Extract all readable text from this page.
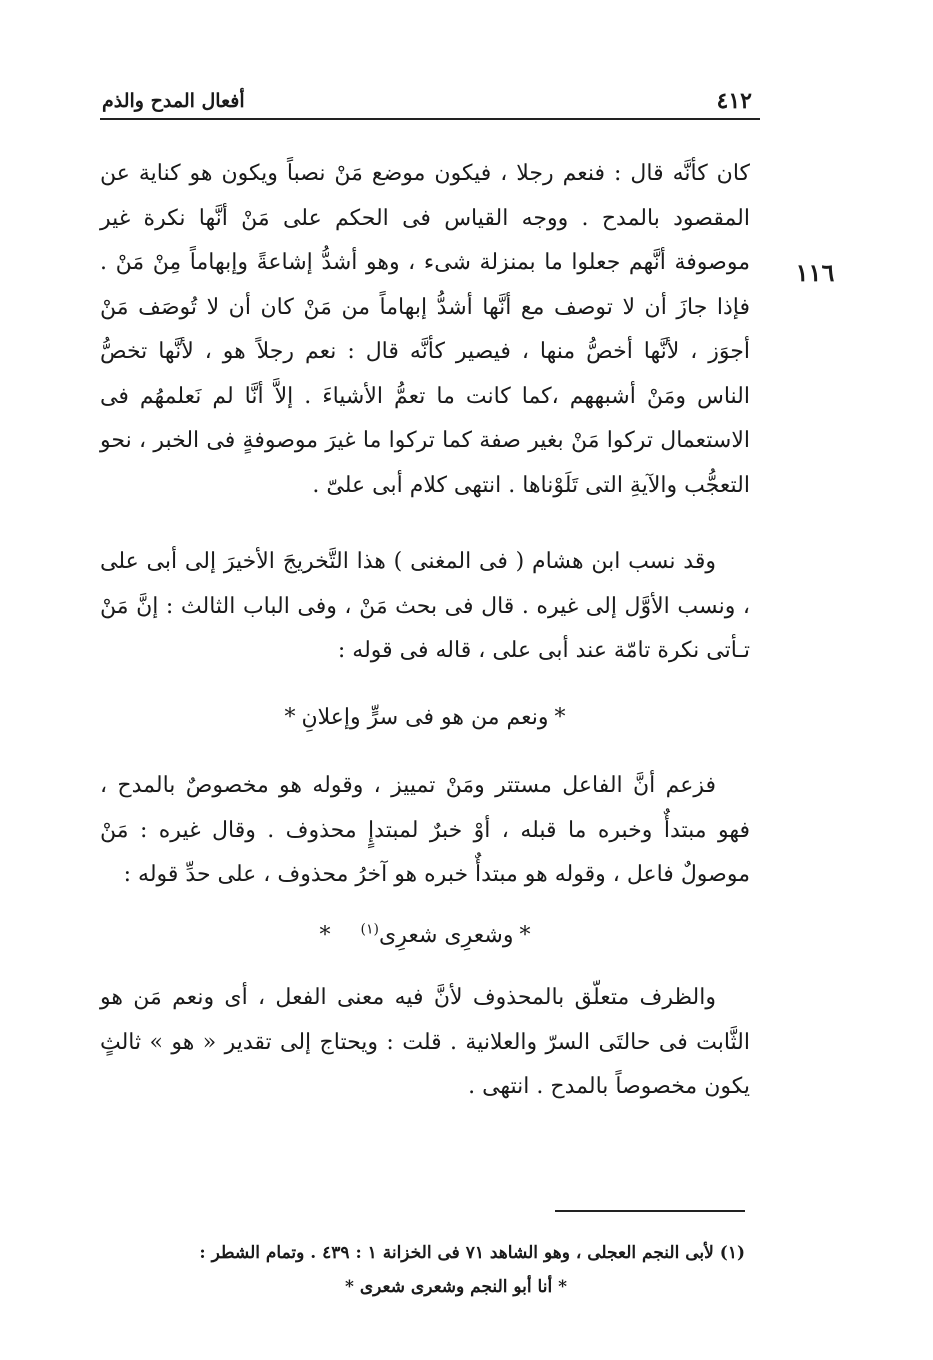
٤١٢
أفعال المدح والذم
١١٦

كان كأنَّه قال : فنعم رجلا ، فيكون موضع مَنْ نصباً ويكون هو كناية عن المقصود بالمدح . ووجه القياس فى الحكم على مَنْ أنَّها نكرة غير موصوفة أنَّهم جعلوا ما بمنزلة شىء ، وهو أشدُّ إشاعةً وإبهاماً مِنْ مَنْ . فإذا جازَ أن لا توصف مع أنَّها أشدُّ إبهاماً من مَنْ كان أن لا تُوصَف مَنْ أجوَز ، لأنَّها أخصُّ منها ، فيصير كأنَّه قال : نعم رجلاً هو ، لأنَّها تخصُّ الناس ومَنْ أشبههم ،كما كانت ما تعمُّ الأشياءَ . إلاَّ أنَّا لم نَعلمهُم فى الاستعمال تركوا مَنْ بغير صفة كما تركوا ما غيرَ موصوفةٍ فى الخبر ، نحو التعجُّب والآيةِ التى تَلَوْناها . انتهى كلام أبى علىّ .

وقد نسب ابن هشام ( فى المغنى ) هذا التَّخريجَ الأخيرَ إلى أبى على ، ونسب الأوَّل إلى غيره . قال فى بحث مَنْ ، وفى الباب الثالث : إنَّ مَنْ تـأتى نكرة تامّة عند أبى على ، قاله فى قوله :

*ونعم من هو فى سرٍّ وإعلانِ*

فزعم أنَّ الفاعل مستتر ومَنْ تمييز ، وقوله هو مخصوصٌ بالمدح ، فهو مبتدأٌ وخبره ما قبله ، أوْ خبرٌ لمبتدإٍ محذوف . وقال غيره : مَنْ موصولٌ فاعل ، وقوله هو مبتدأٌ خبره هو آخرُ محذوف ، على حدِّ قوله :

*وشعرِى شعرِى$^{(١)}$*

والظرف متعلّق بالمحذوف لأنَّ فيه معنى الفعل ، أى ونعم مَن هو الثَّابت فى حالتَى السرّ والعلانية . قلت : ويحتاج إلى تقدير « هو » ثالثٍ يكون مخصوصاً بالمدح . انتهى .

(١) لأبى النجم العجلى ، وهو الشاهد ٧١ فى الخزانة ١ : ٤٣٩ . وتمام الشطر :

* أنا أبو النجم وشعرى شعرى *
